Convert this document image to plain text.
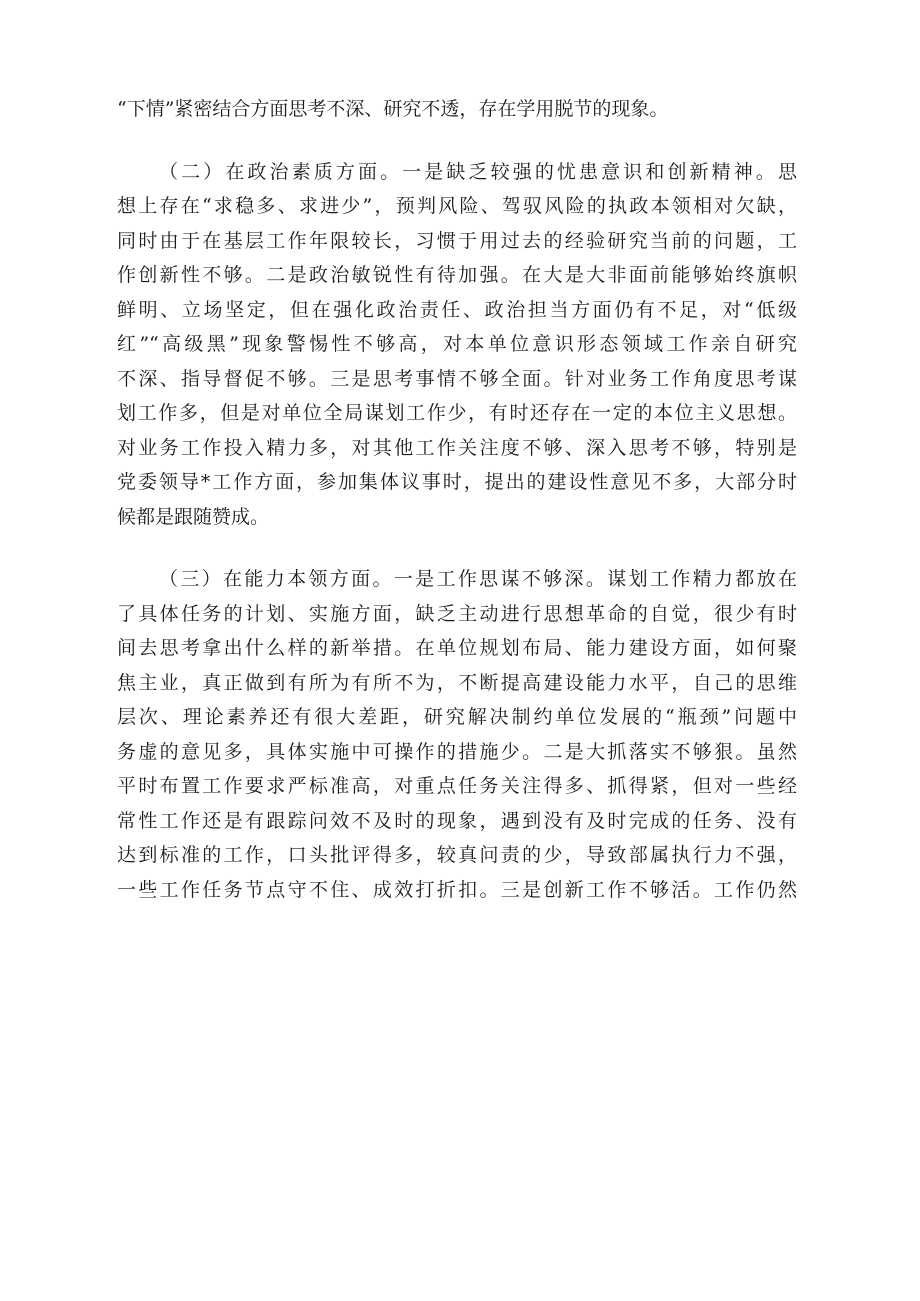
“下情”紧密结合方面思考不深、研究不透，存在学用脱节的现象。
（二）在政治素质方面。一是缺乏较强的忧患意识和创新精神。思
想上存在“求稳多、求进少”，预判风险、驾驭风险的执政本领相对欠缺，
同时由于在基层工作年限较长，习惯于用过去的经验研究当前的问题，工
作创新性不够。二是政治敏锐性有待加强。在大是大非面前能够始终旗帜
鲜明、立场坚定，但在强化政治责任、政治担当方面仍有不足，对“低级
红”“高级黑”现象警惕性不够高，对本单位意识形态领域工作亲自研究
不深、指导督促不够。三是思考事情不够全面。针对业务工作角度思考谋
划工作多，但是对单位全局谋划工作少，有时还存在一定的本位主义思想。
对业务工作投入精力多，对其他工作关注度不够、深入思考不够，特别是
党委领导*工作方面，参加集体议事时，提出的建设性意见不多，大部分时
候都是跟随赞成。
（三）在能力本领方面。一是工作思谋不够深。谋划工作精力都放在
了具体任务的计划、实施方面，缺乏主动进行思想革命的自觉，很少有时
间去思考拿出什么样的新举措。在单位规划布局、能力建设方面，如何聚
焦主业，真正做到有所为有所不为，不断提高建设能力水平，自己的思维
层次、理论素养还有很大差距，研究解决制约单位发展的“瓶颈”问题中
务虚的意见多，具体实施中可操作的措施少。二是大抓落实不够狠。虽然
平时布置工作要求严标准高，对重点任务关注得多、抓得紧，但对一些经
常性工作还是有跟踪问效不及时的现象，遇到没有及时完成的任务、没有
达到标准的工作，口头批评得多，较真问责的少，导致部属执行力不强，
一些工作任务节点守不住、成效打折扣。三是创新工作不够活。工作仍然
